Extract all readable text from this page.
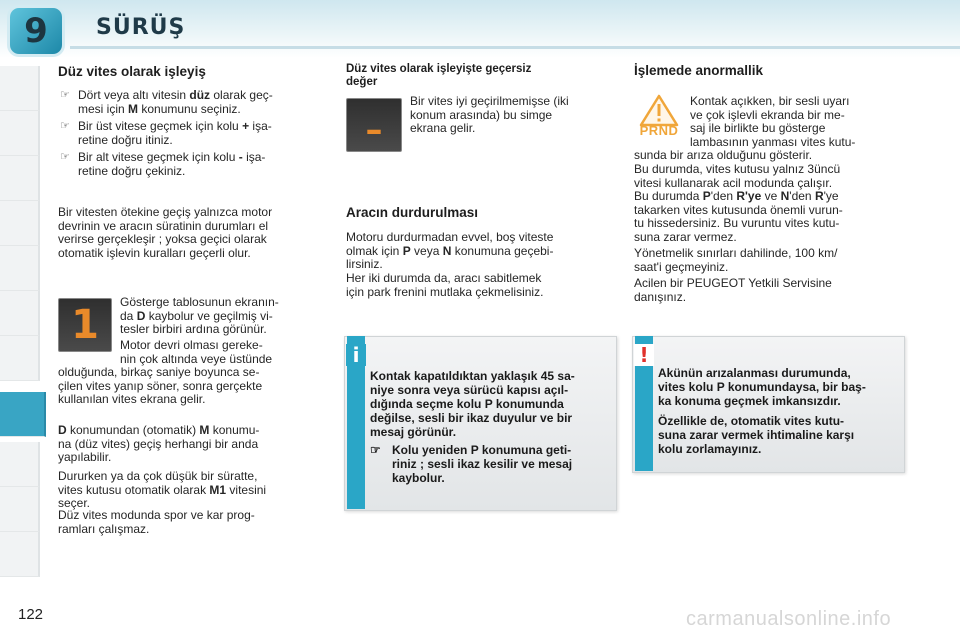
9	SÜRÜŞ
Düz vites olarak işleyiş
☞ Dört veya altı vitesin düz olarak geç-
mesi için M konumunu seçiniz.
☞ Bir üst vitese geçmek için kolu + işa-
retine doğru itiniz.
☞ Bir alt vitese geçmek için kolu - işa-
retine doğru çekiniz.
Bir vitesten ötekine geçiş yalnızca motor
devrinin ve aracın süratinin durumları el
verirse gerçekleşir ; yoksa geçici olarak
otomatik işlevin kuralları geçerli olur.
1	Gösterge tablosunun ekranın-
da D kaybolur ve geçilmiş vi-
tesler birbiri ardına görünür.
Motor devri olması gereke-
nin çok altında veye üstünde
olduğunda, birkaç saniye boyunca se-
çilen vites yanıp söner, sonra gerçekte
kullanılan vites ekrana gelir.
D konumundan (otomatik) M konumu-
na (düz vites) geçiş herhangi bir anda
yapılabilir.
Dururken ya da çok düşük bir süratte,
vites kutusu otomatik olarak M1 vitesini
seçer.
Düz vites modunda spor ve kar prog-
ramları çalışmaz.
Düz vites olarak işleyişte geçersiz
değer
–
Bir vites iyi geçirilmemişse (iki
konum arasında) bu simge
ekrana gelir.
Aracın durdurulması
Motoru durdurmadan evvel, boş viteste
olmak için P veya N konumuna geçebi-
lirsiniz.
Her iki durumda da, aracı sabitlemek
için park frenini mutlaka çekmelisiniz.
i
Kontak kapatıldıktan yaklaşık 45 sa-
niye sonra veya sürücü kapısı açıl-
dığında seçme kolu P konumunda
değilse, sesli bir ikaz duyulur ve bir
mesaj görünür.
☞ Kolu yeniden P konumuna geti-
riniz ; sesli ikaz kesilir ve mesaj
kaybolur.
İşlemede anormallik
PRND
Kontak açıkken, bir sesli uyarı
ve çok işlevli ekranda bir me-
saj ile birlikte bu gösterge
lambasının yanması vites kutu-
sunda bir arıza olduğunu gösterir.
Bu durumda, vites kutusu yalnız 3üncü
vitesi kullanarak acil modunda çalışır.
Bu durumda P'den R'ye ve N'den R'ye
takarken vites kutusunda önemli vurun-
tu hissedersiniz. Bu vuruntu vites kutu-
suna zarar vermez.
Yönetmelik sınırları dahilinde, 100 km/
saat'i geçmeyiniz.
Acilen bir PEUGEOT Yetkili Servisine
danışınız.
!
Akünün arızalanması durumunda,
vites kolu P konumundaysa, bir baş-
ka konuma geçmek imkansızdır.
Özellikle de, otomatik vites kutu-
suna zarar vermek ihtimaline karşı
kolu zorlamayınız.
122	carmanualsonline.info
